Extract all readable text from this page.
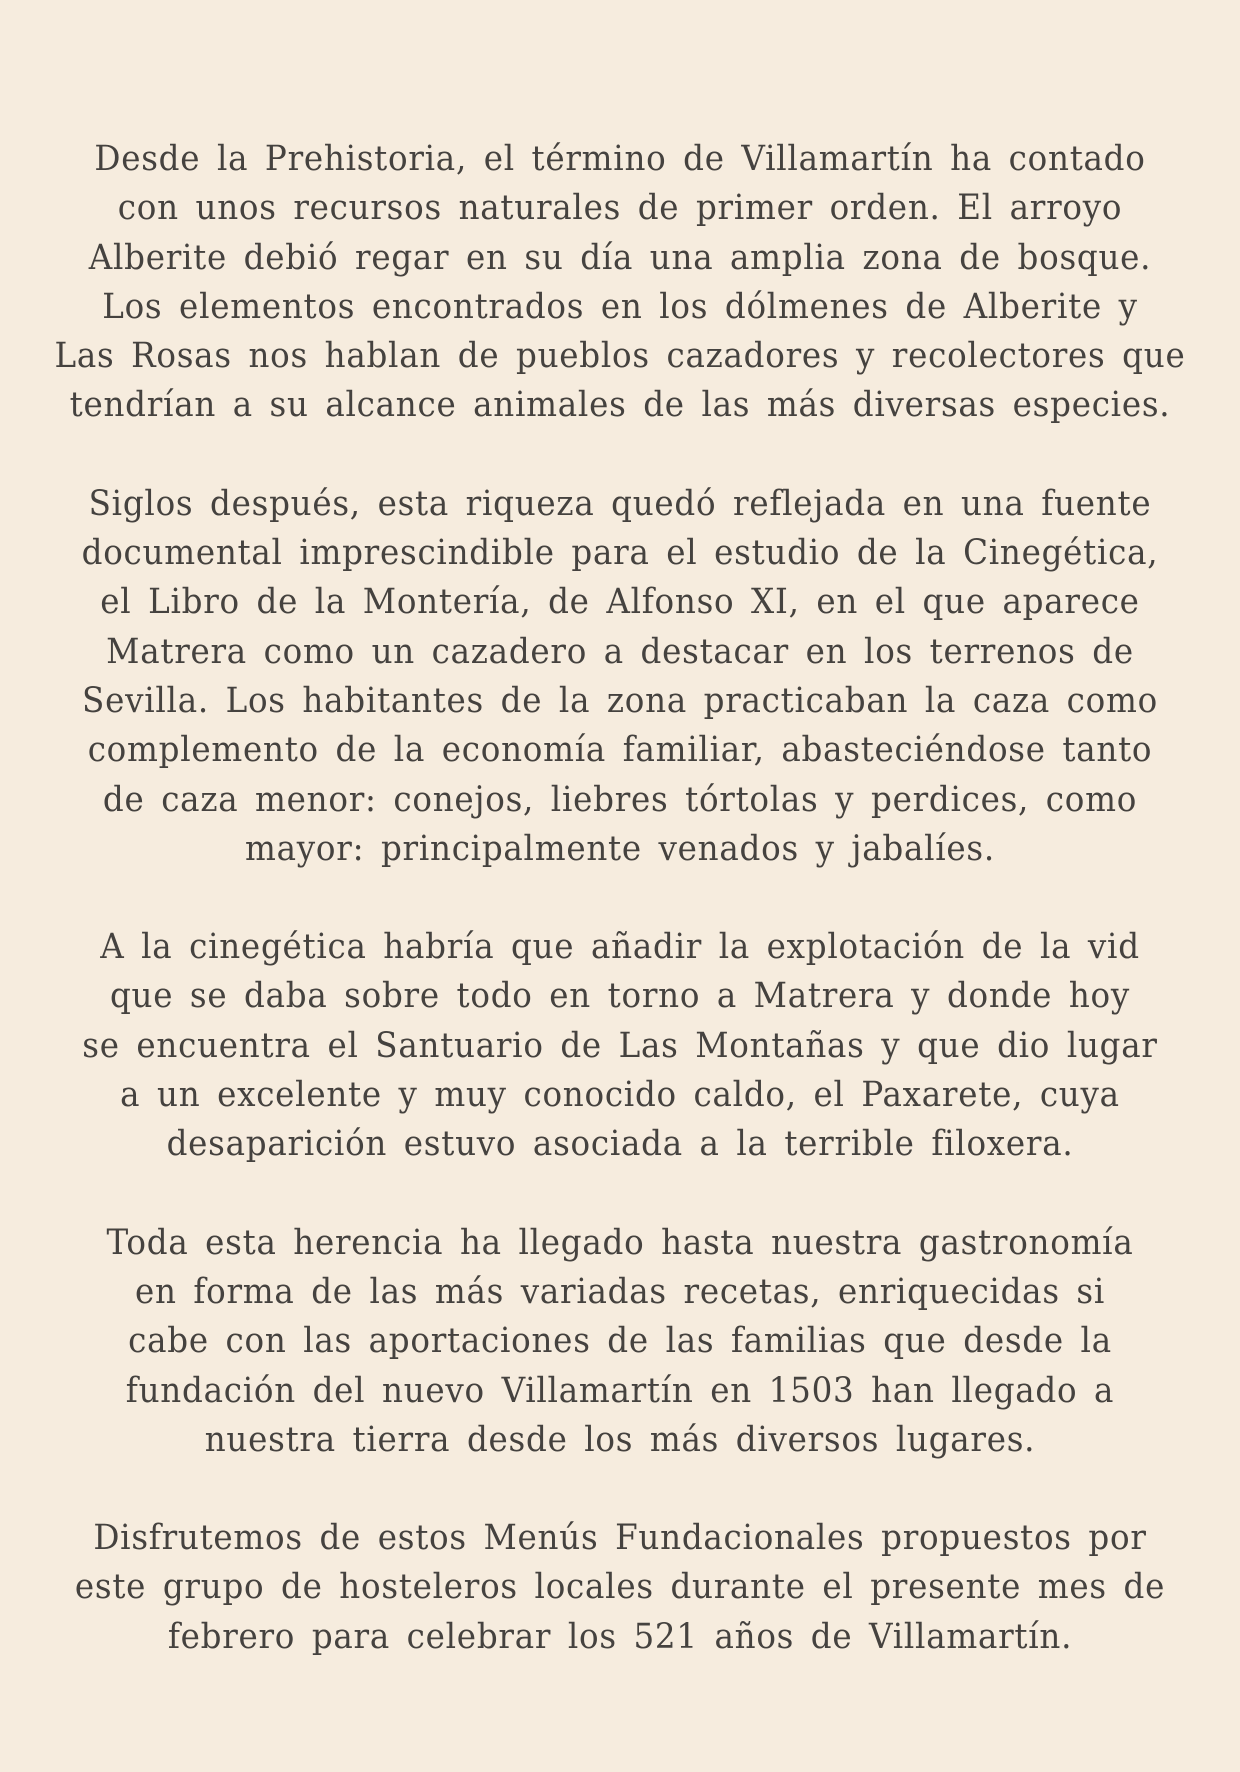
Desde la Prehistoria, el término de Villamartín ha contado
con unos recursos naturales de primer orden. El arroyo
Alberite debió regar en su día una amplia zona de bosque.
Los elementos encontrados en los dólmenes de Alberite y
Las Rosas nos hablan de pueblos cazadores y recolectores que
tendrían a su alcance animales de las más diversas especies.
Siglos después, esta riqueza quedó reflejada en una fuente
documental imprescindible para el estudio de la Cinegética,
el Libro de la Montería, de Alfonso XI, en el que aparece
Matrera como un cazadero a destacar en los terrenos de
Sevilla. Los habitantes de la zona practicaban la caza como
complemento de la economía familiar, abasteciéndose tanto
de caza menor: conejos, liebres tórtolas y perdices, como
mayor: principalmente venados y jabalíes.
A la cinegética habría que añadir la explotación de la vid
que se daba sobre todo en torno a Matrera y donde hoy
se encuentra el Santuario de Las Montañas y que dio lugar
a un excelente y muy conocido caldo, el Paxarete, cuya
desaparición estuvo asociada a la terrible filoxera.
Toda esta herencia ha llegado hasta nuestra gastronomía
en forma de las más variadas recetas, enriquecidas si
cabe con las aportaciones de las familias que desde la
fundación del nuevo Villamartín en 1503 han llegado a
nuestra tierra desde los más diversos lugares.
Disfrutemos de estos Menús Fundacionales propuestos por
este grupo de hosteleros locales durante el presente mes de
febrero para celebrar los 521 años de Villamartín.
